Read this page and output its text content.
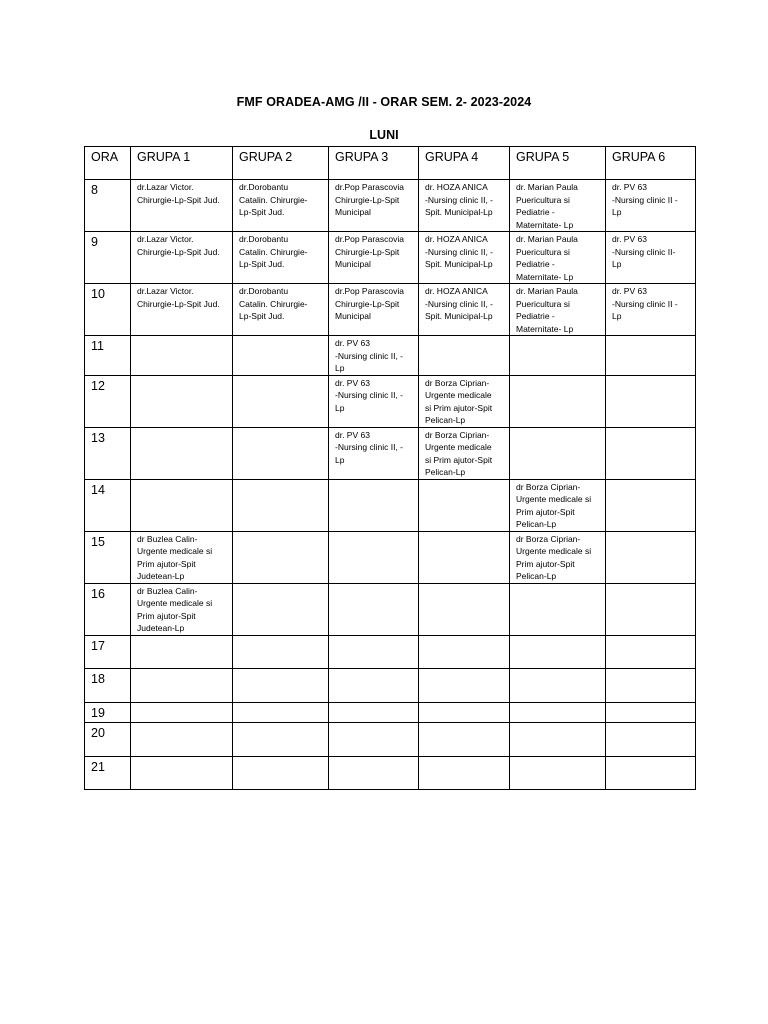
FMF ORADEA-AMG /II - ORAR SEM. 2- 2023-2024
LUNI
ORA	GRUPA 1	GRUPA 2	GRUPA 3	GRUPA 4	GRUPA 5	GRUPA 6
8	dr.Lazar Victor.
Chirurgie-Lp-Spit Jud.	dr.Dorobantu
Catalin. Chirurgie-
Lp-Spit Jud.	dr.Pop Parascovia
Chirurgie-Lp-Spit
Municipal	dr. HOZA ANICA
-Nursing clinic II, -
Spit. Municipal-Lp	dr. Marian Paula
Puericultura si
Pediatrie -
Maternitate- Lp	dr. PV 63
-Nursing clinic II -
Lp
9	dr.Lazar Victor.
Chirurgie-Lp-Spit Jud.	dr.Dorobantu
Catalin. Chirurgie-
Lp-Spit Jud.	dr.Pop Parascovia
Chirurgie-Lp-Spit
Municipal	dr. HOZA ANICA
-Nursing clinic II, -
Spit. Municipal-Lp	dr. Marian Paula
Puericultura si
Pediatrie -
Maternitate- Lp	dr. PV 63
-Nursing clinic II-
Lp
10	dr.Lazar Victor.
Chirurgie-Lp-Spit Jud.	dr.Dorobantu
Catalin. Chirurgie-
Lp-Spit Jud.	dr.Pop Parascovia
Chirurgie-Lp-Spit
Municipal	dr. HOZA ANICA
-Nursing clinic II, -
Spit. Municipal-Lp	dr. Marian Paula
Puericultura si
Pediatrie -
Maternitate- Lp	dr. PV 63
-Nursing clinic II -
Lp
11			dr. PV 63
-Nursing clinic II, -
Lp			
12			dr. PV 63
-Nursing clinic II, -
Lp	dr Borza Ciprian-
Urgente medicale
si Prim ajutor-Spit
Pelican-Lp		
13			dr. PV 63
-Nursing clinic II, -
Lp	dr Borza Ciprian-
Urgente medicale
si Prim ajutor-Spit
Pelican-Lp		
14					dr Borza Ciprian-
Urgente medicale si
Prim ajutor-Spit
Pelican-Lp	
15	dr Buzlea Calin-
Urgente medicale si
Prim ajutor-Spit
Judetean-Lp				dr Borza Ciprian-
Urgente medicale si
Prim ajutor-Spit
Pelican-Lp	
16	dr Buzlea Calin-
Urgente medicale si
Prim ajutor-Spit
Judetean-Lp					
17						
18						
19						
20						
21						
